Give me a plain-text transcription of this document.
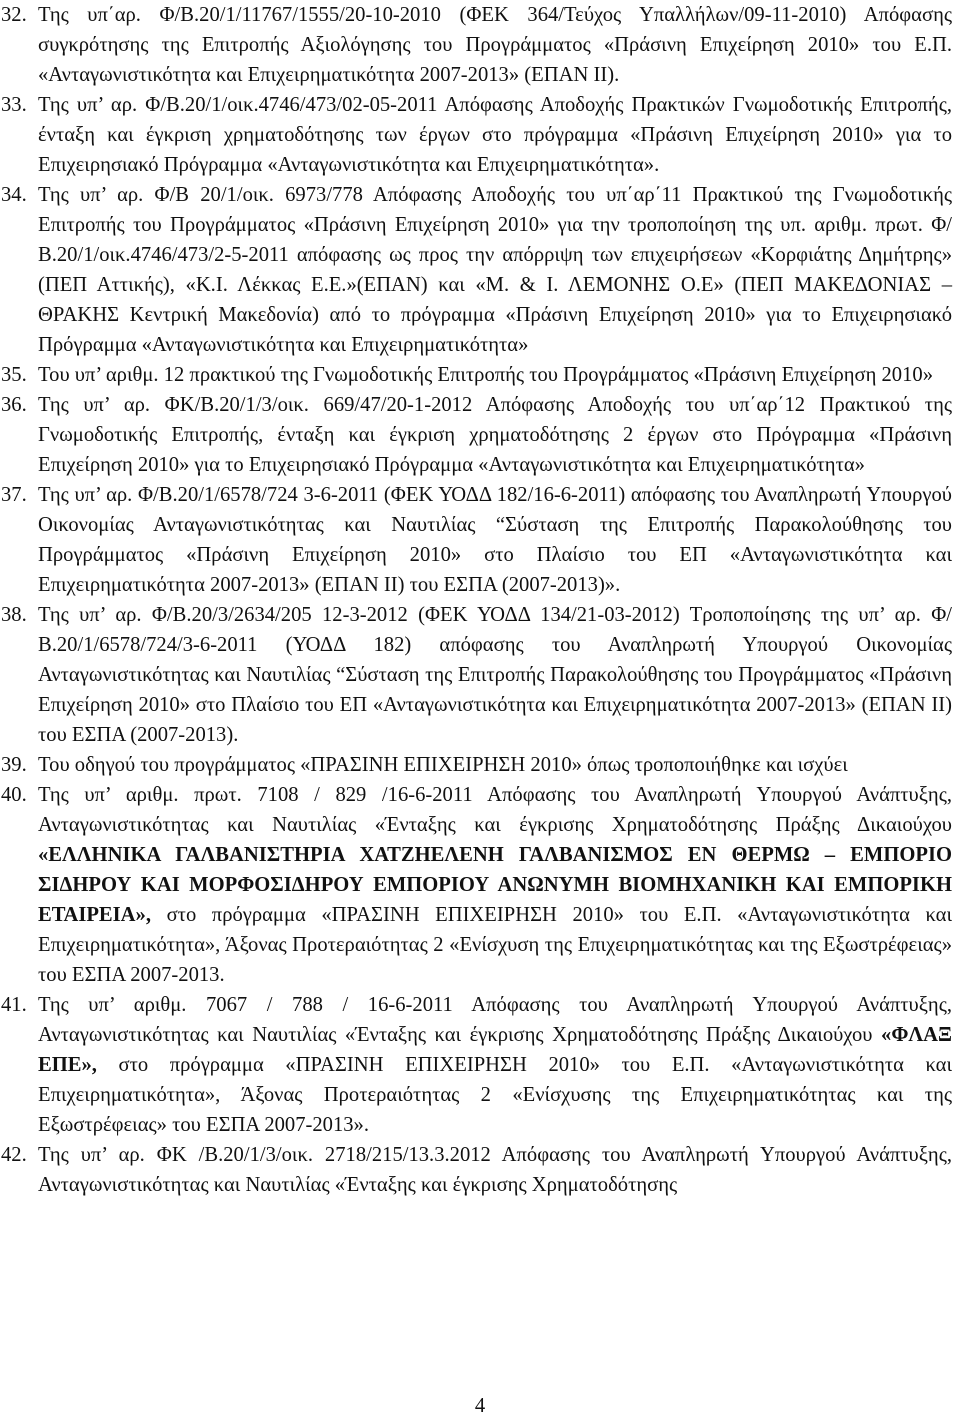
32. Της υπ΄αρ. Φ/Β.20/1/11767/1555/20-10-2010 (ΦΕΚ 364/Τεύχος Υπαλλήλων/09-11-2010) Απόφασης συγκρότησης της Επιτροπής Αξιολόγησης του Προγράμματος «Πράσινη Επιχείρηση 2010» του Ε.Π. «Ανταγωνιστικότητα και Επιχειρηματικότητα 2007-2013» (ΕΠΑΝ ΙΙ).
33. Της υπ’ αρ. Φ/Β.20/1/οικ.4746/473/02-05-2011 Απόφασης Αποδοχής Πρακτικών Γνωμοδοτικής Επιτροπής, ένταξη και έγκριση χρηματοδότησης των έργων στο πρόγραμμα «Πράσινη Επιχείρηση 2010» για το Επιχειρησιακό Πρόγραμμα «Ανταγωνιστικότητα και Επιχειρηματικότητα».
34. Της υπ’ αρ. Φ/Β 20/1/οικ. 6973/778 Απόφασης Αποδοχής του υπ΄αρ΄11 Πρακτικού της Γνωμοδοτικής Επιτροπής του Προγράμματος «Πράσινη Επιχείρηση 2010» για την τροποποίηση της υπ. αριθμ. πρωτ. Φ/Β.20/1/οικ.4746/473/2-5-2011 απόφασης ως προς την απόρριψη των επιχειρήσεων «Κορφιάτης Δημήτρης» (ΠΕΠ Αττικής), «Κ.Ι. Λέκκας Ε.Ε.»(ΕΠΑΝ) και «Μ. & Ι. ΛΕΜΟΝΗΣ Ο.Ε» (ΠΕΠ ΜΑΚΕΔΟΝΙΑΣ – ΘΡΑΚΗΣ Κεντρική Μακεδονία) από το πρόγραμμα «Πράσινη Επιχείρηση 2010» για το Επιχειρησιακό Πρόγραμμα «Ανταγωνιστικότητα και Επιχειρηματικότητα»
35. Του υπ’ αριθμ. 12 πρακτικού της Γνωμοδοτικής Επιτροπής του Προγράμματος «Πράσινη Επιχείρηση 2010»
36. Της υπ’ αρ. ΦΚ/Β.20/1/3/οικ. 669/47/20-1-2012 Απόφασης Αποδοχής του υπ΄αρ΄12 Πρακτικού της Γνωμοδοτικής Επιτροπής, ένταξη και έγκριση χρηματοδότησης 2 έργων στο Πρόγραμμα «Πράσινη Επιχείρηση 2010» για το Επιχειρησιακό Πρόγραμμα «Ανταγωνιστικότητα και Επιχειρηματικότητα»
37. Της υπ’ αρ. Φ/Β.20/1/6578/724 3-6-2011 (ΦΕΚ ΥΟΔΔ 182/16-6-2011) απόφασης του Αναπληρωτή Υπουργού Οικονομίας Ανταγωνιστικότητας και Ναυτιλίας “Σύσταση της Επιτροπής Παρακολούθησης του Προγράμματος «Πράσινη Επιχείρηση 2010» στο Πλαίσιο του ΕΠ «Ανταγωνιστικότητα και Επιχειρηματικότητα 2007-2013» (ΕΠΑΝ ΙΙ) του ΕΣΠΑ (2007-2013)».
38. Της υπ’ αρ. Φ/Β.20/3/2634/205 12-3-2012 (ΦΕΚ ΥΟΔΔ 134/21-03-2012) Τροποποίησης της υπ’ αρ. Φ/Β.20/1/6578/724/3-6-2011 (ΥΟΔΔ 182) απόφασης του Αναπληρωτή Υπουργού Οικονομίας Ανταγωνιστικότητας και Ναυτιλίας “Σύσταση της Επιτροπής Παρακολούθησης του Προγράμματος «Πράσινη Επιχείρηση 2010» στο Πλαίσιο του ΕΠ «Ανταγωνιστικότητα και Επιχειρηματικότητα 2007-2013» (ΕΠΑΝ ΙΙ) του ΕΣΠΑ (2007-2013).
39. Του οδηγού του προγράμματος «ΠΡΑΣΙΝΗ ΕΠΙΧΕΙΡΗΣΗ 2010» όπως τροποποιήθηκε και ισχύει
40. Της υπ’ αριθμ. πρωτ. 7108 / 829 /16-6-2011 Απόφασης του Αναπληρωτή Υπουργού Ανάπτυξης, Ανταγωνιστικότητας και Ναυτιλίας «Ένταξης και έγκρισης Χρηματοδότησης Πράξης Δικαιούχου «ΕΛΛΗΝΙΚΑ ΓΑΛΒΑΝΙΣΤΗΡΙΑ ΧΑΤΖΗΕΛΕΝΗ ΓΑΛΒΑΝΙΣΜΟΣ ΕΝ ΘΕΡΜΩ – ΕΜΠΟΡΙΟ ΣΙΔΗΡΟΥ ΚΑΙ ΜΟΡΦΟΣΙΔΗΡΟΥ ΕΜΠΟΡΙΟΥ ΑΝΩΝΥΜΗ ΒΙΟΜΗΧΑΝΙΚΗ ΚΑΙ ΕΜΠΟΡΙΚΗ ΕΤΑΙΡΕΙΑ», στο πρόγραμμα «ΠΡΑΣΙΝΗ ΕΠΙΧΕΙΡΗΣΗ 2010» του Ε.Π. «Ανταγωνιστικότητα και Επιχειρηματικότητα», Άξονας Προτεραιότητας 2 «Ενίσχυση της Επιχειρηματικότητας και της Εξωστρέφειας» του ΕΣΠΑ 2007-2013.
41. Της υπ’ αριθμ. 7067 / 788 / 16-6-2011 Απόφασης του Αναπληρωτή Υπουργού Ανάπτυξης, Ανταγωνιστικότητας και Ναυτιλίας «Ένταξης και έγκρισης Χρηματοδότησης Πράξης Δικαιούχου «ΦΛΑΞ ΕΠΕ», στο πρόγραμμα «ΠΡΑΣΙΝΗ ΕΠΙΧΕΙΡΗΣΗ 2010» του Ε.Π. «Ανταγωνιστικότητα και Επιχειρηματικότητα», Άξονας Προτεραιότητας 2 «Ενίσχυσης της Επιχειρηματικότητας και της Εξωστρέφειας» του ΕΣΠΑ 2007-2013».
42. Της υπ’ αρ. ΦΚ /Β.20/1/3/οικ. 2718/215/13.3.2012 Απόφασης του Αναπληρωτή Υπουργού Ανάπτυξης, Ανταγωνιστικότητας και Ναυτιλίας «Ένταξης και έγκρισης Χρηματοδότησης
4
